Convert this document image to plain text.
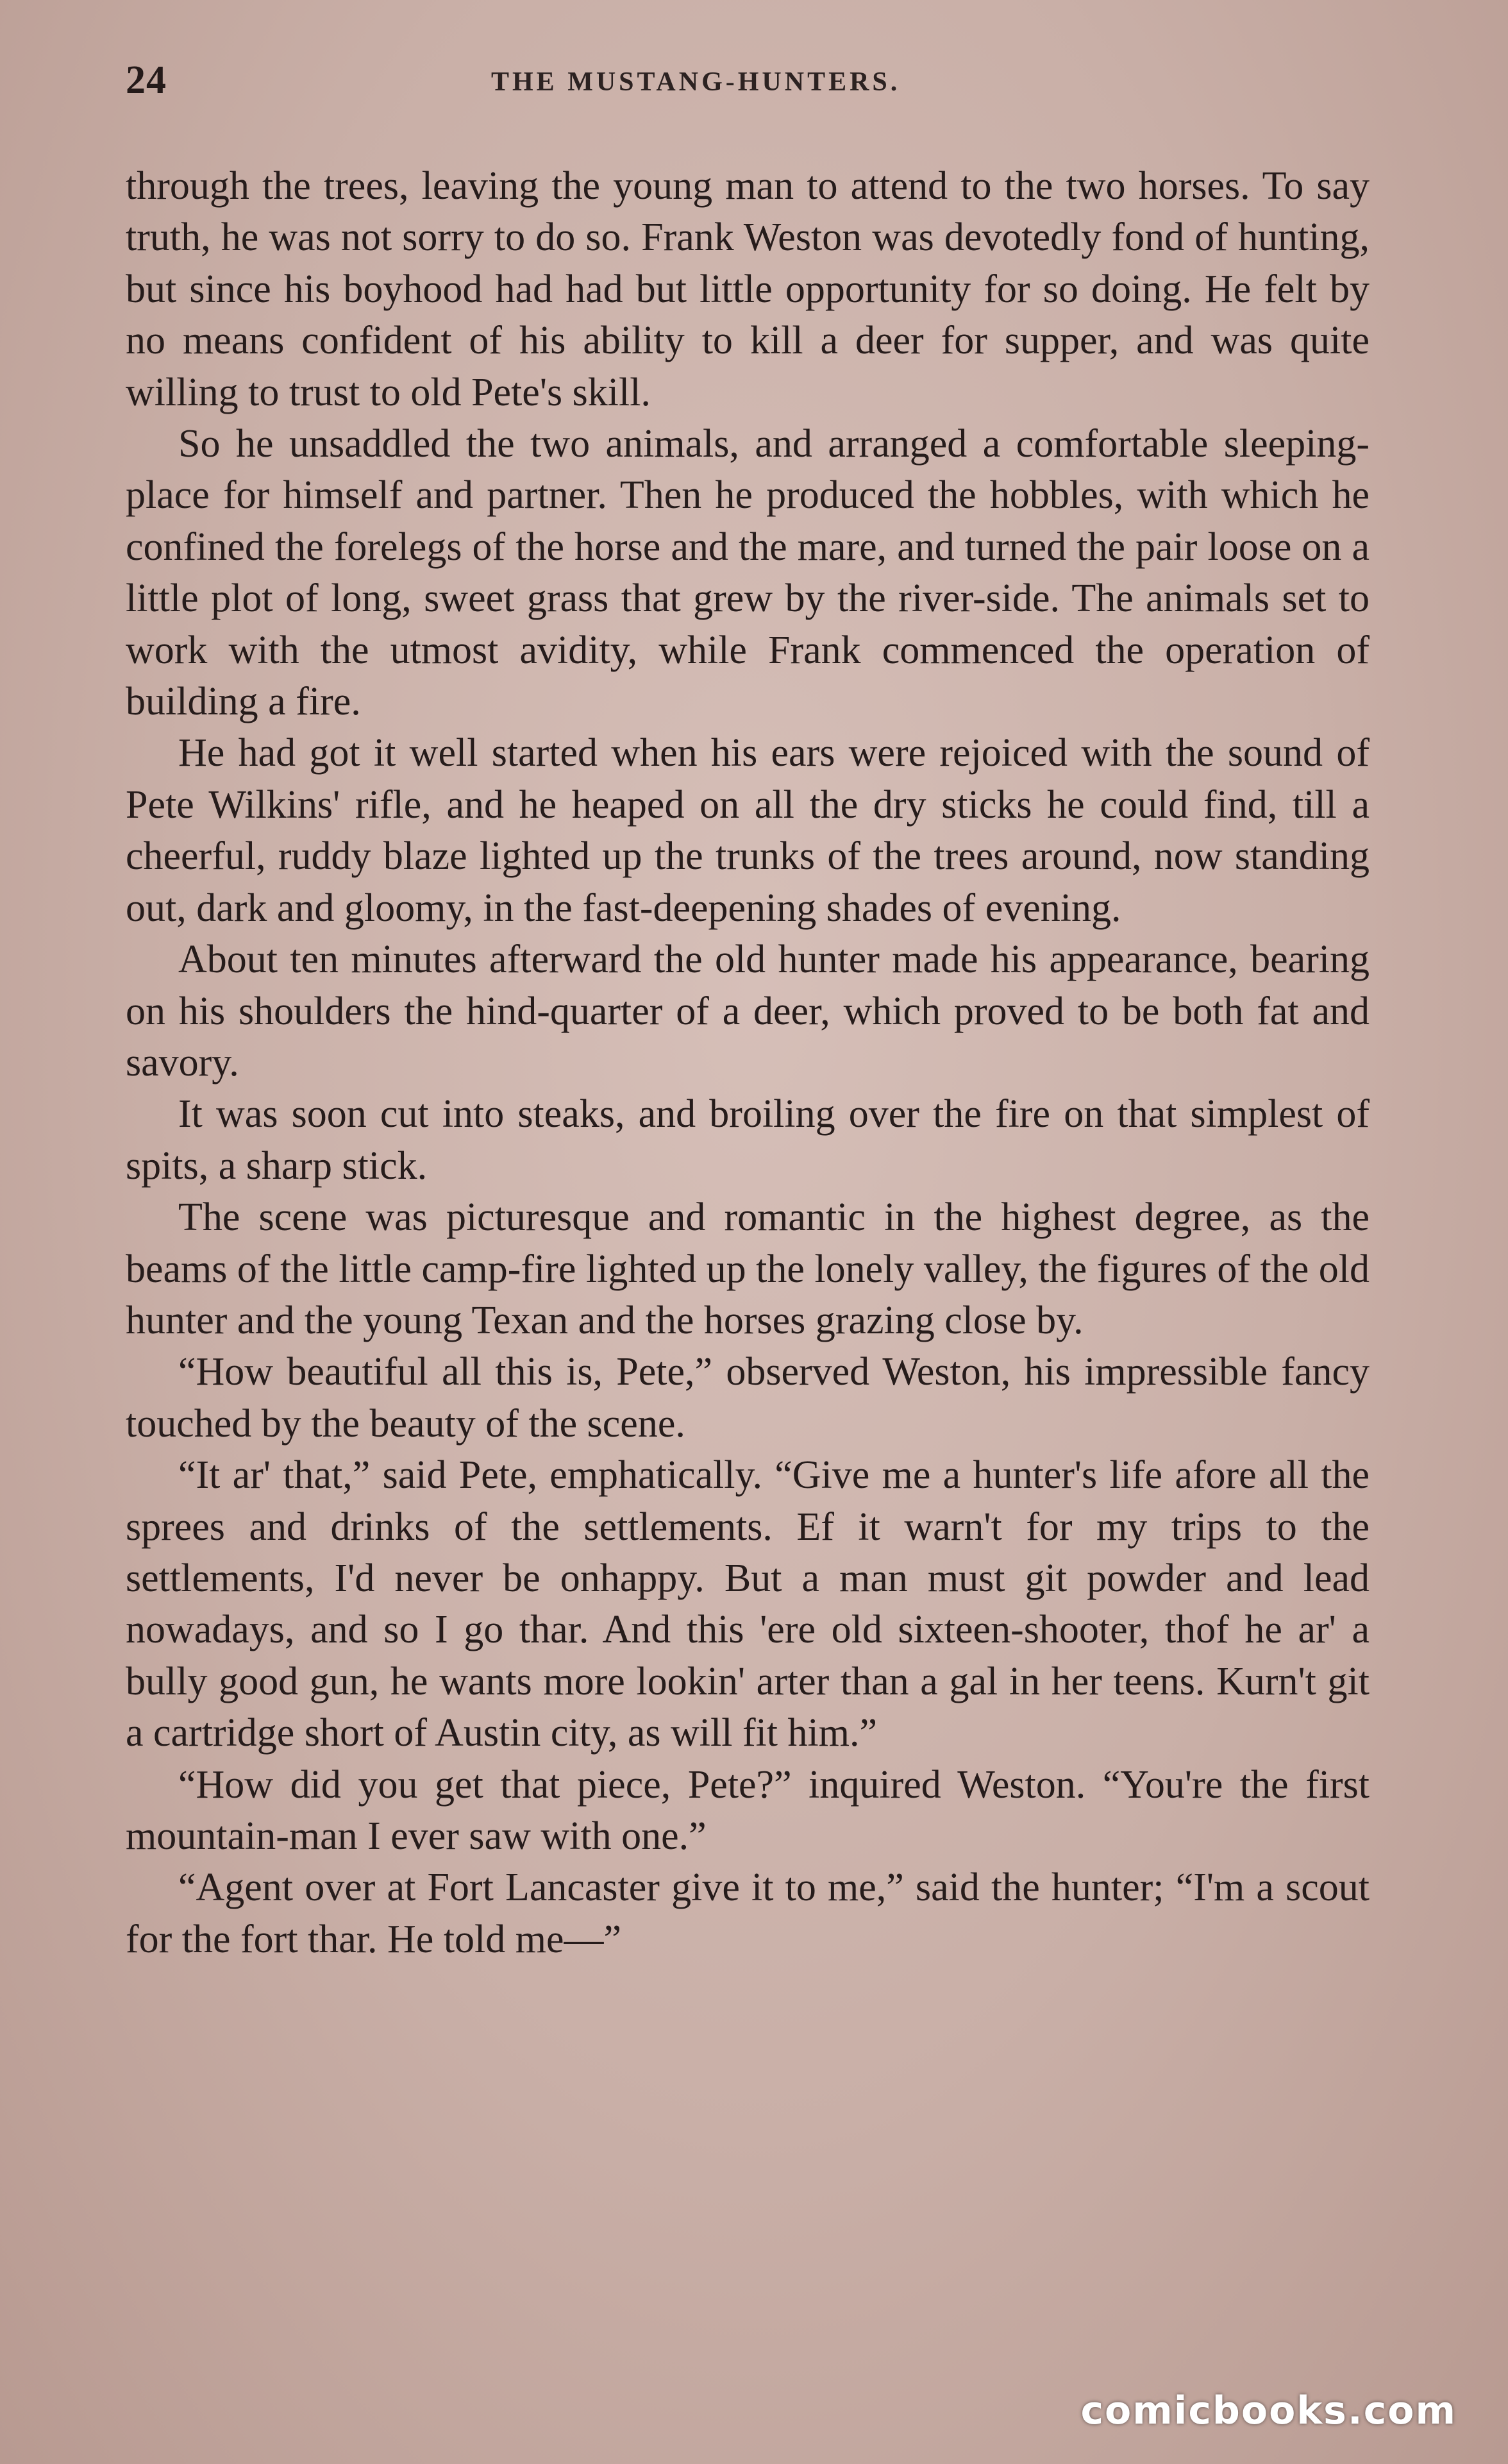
24	THE MUSTANG-HUNTERS.

through the trees, leaving the young man to attend to the two horses. To say truth, he was not sorry to do so. Frank Weston was devotedly fond of hunting, but since his boyhood had had but little opportunity for so doing. He felt by no means confident of his ability to kill a deer for supper, and was quite willing to trust to old Pete's skill.

So he unsaddled the two animals, and arranged a comfortable sleeping-place for himself and partner. Then he produced the hobbles, with which he confined the forelegs of the horse and the mare, and turned the pair loose on a little plot of long, sweet grass that grew by the river-side. The animals set to work with the utmost avidity, while Frank commenced the operation of building a fire.

He had got it well started when his ears were rejoiced with the sound of Pete Wilkins' rifle, and he heaped on all the dry sticks he could find, till a cheerful, ruddy blaze lighted up the trunks of the trees around, now standing out, dark and gloomy, in the fast-deepening shades of evening.

About ten minutes afterward the old hunter made his appearance, bearing on his shoulders the hind-quarter of a deer, which proved to be both fat and savory.

It was soon cut into steaks, and broiling over the fire on that simplest of spits, a sharp stick.

The scene was picturesque and romantic in the highest degree, as the beams of the little camp-fire lighted up the lonely valley, the figures of the old hunter and the young Texan and the horses grazing close by.

“How beautiful all this is, Pete,” observed Weston, his impressible fancy touched by the beauty of the scene.

“It ar' that,” said Pete, emphatically. “Give me a hunter's life afore all the sprees and drinks of the settlements. Ef it warn't for my trips to the settlements, I'd never be onhappy. But a man must git powder and lead nowadays, and so I go thar. And this 'ere old sixteen-shooter, thof he ar' a bully good gun, he wants more lookin' arter than a gal in her teens. Kurn't git a cartridge short of Austin city, as will fit him.”

“How did you get that piece, Pete?” inquired Weston. “You're the first mountain-man I ever saw with one.”

“Agent over at Fort Lancaster give it to me,” said the hunter; “I'm a scout for the fort thar. He told me—”

comicbooks.com
